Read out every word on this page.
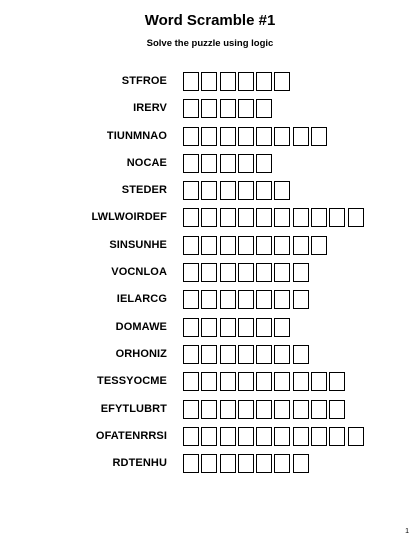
Word Scramble #1
Solve the puzzle using logic
STFROE
IRERV
TIUNMNAO
NOCAE
STEDER
LWLWOIRDEF
SINSUNHE
VOCNLOA
IELARCG
DOMAWE
ORHONIZ
TESSYOCME
EFYTLUBRT
OFATENRRSI
RDTENHU
1
